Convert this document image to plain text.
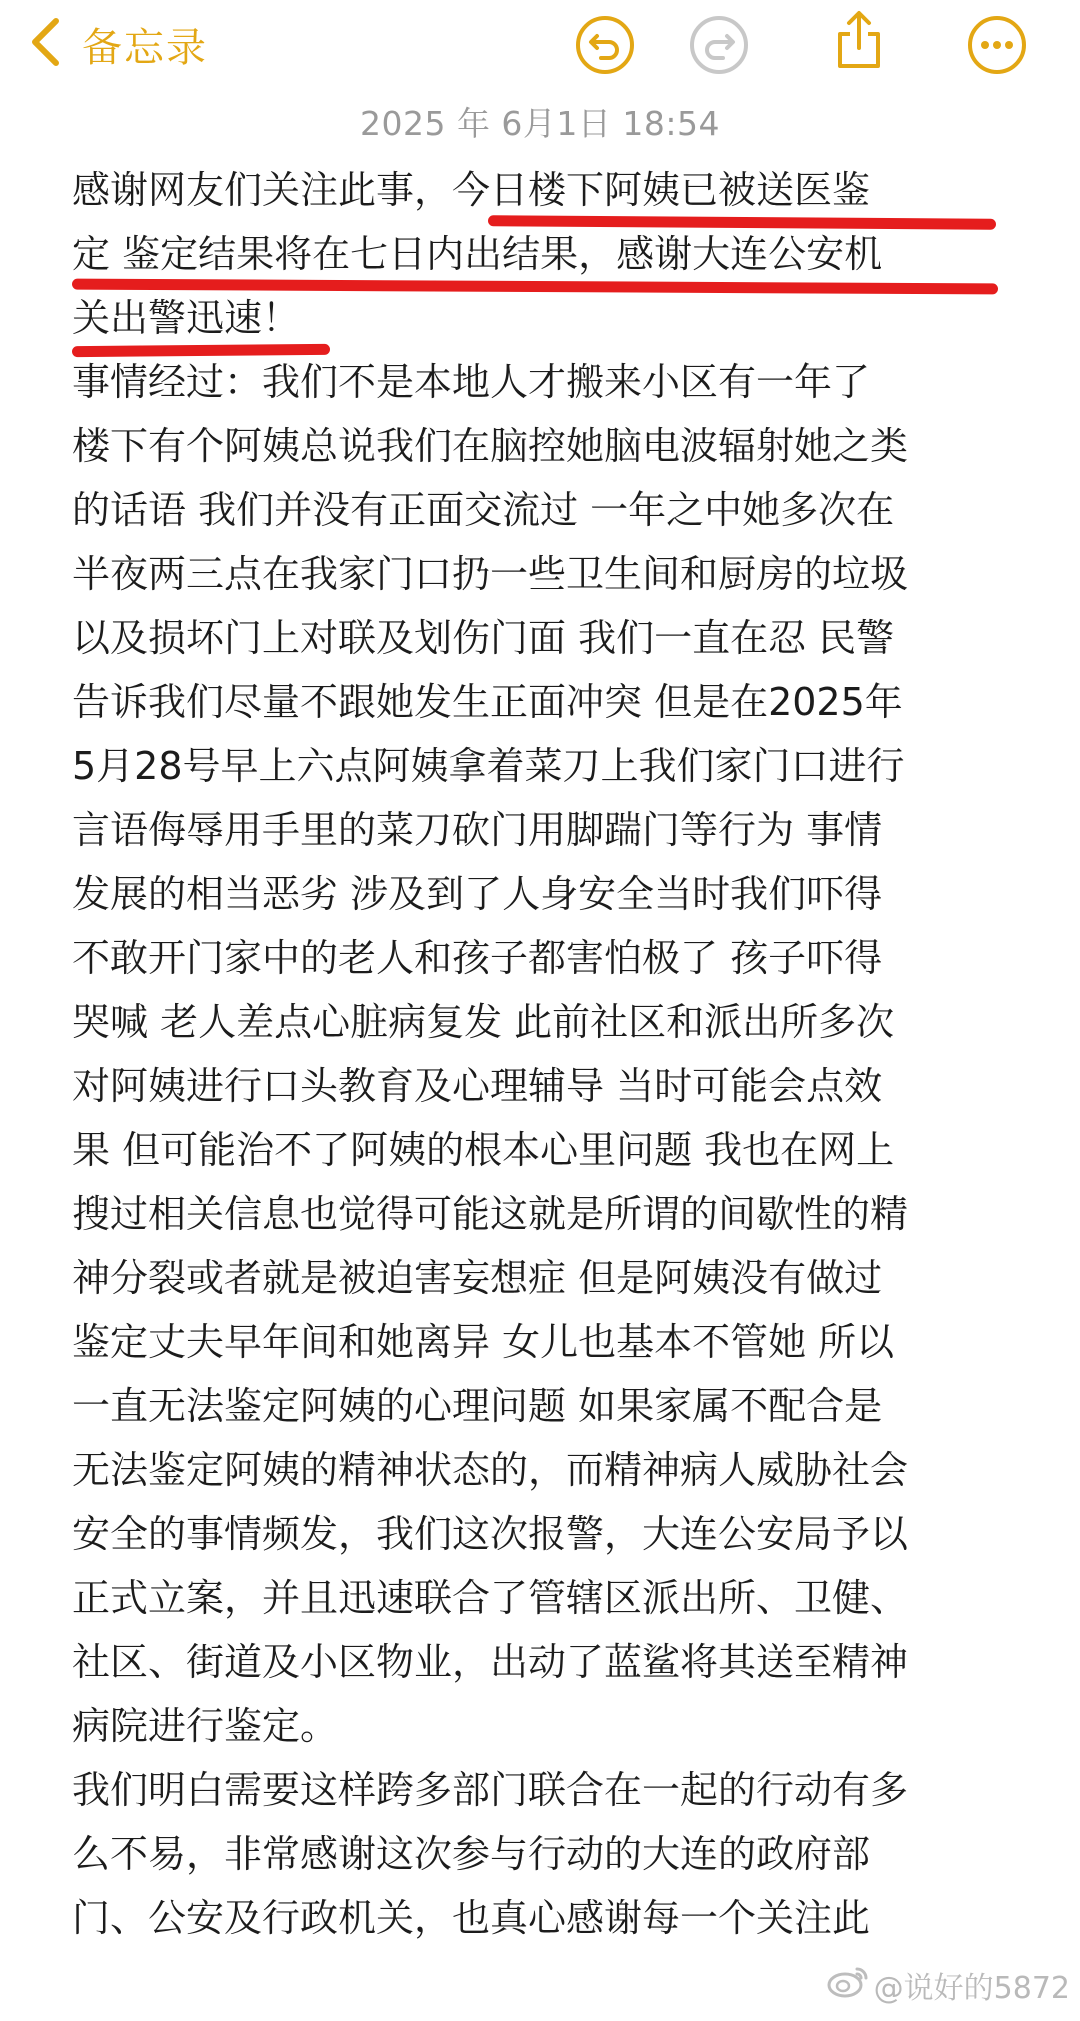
备忘录
2025 年 6月1日 18:54
感谢网友们关注此事，今日楼下阿姨已被送医鉴
定 鉴定结果将在七日内出结果，感谢大连公安机
关出警迅速！
事情经过：我们不是本地人才搬来小区有一年了
楼下有个阿姨总说我们在脑控她脑电波辐射她之类
的话语 我们并没有正面交流过 一年之中她多次在
半夜两三点在我家门口扔一些卫生间和厨房的垃圾
以及损坏门上对联及划伤门面 我们一直在忍 民警
告诉我们尽量不跟她发生正面冲突 但是在2025年
5月28号早上六点阿姨拿着菜刀上我们家门口进行
言语侮辱用手里的菜刀砍门用脚踹门等行为 事情
发展的相当恶劣 涉及到了人身安全当时我们吓得
不敢开门家中的老人和孩子都害怕极了 孩子吓得
哭喊 老人差点心脏病复发 此前社区和派出所多次
对阿姨进行口头教育及心理辅导 当时可能会点效
果 但可能治不了阿姨的根本心里问题 我也在网上
搜过相关信息也觉得可能这就是所谓的间歇性的精
神分裂或者就是被迫害妄想症 但是阿姨没有做过
鉴定丈夫早年间和她离异 女儿也基本不管她 所以
一直无法鉴定阿姨的心理问题 如果家属不配合是
无法鉴定阿姨的精神状态的，而精神病人威胁社会
安全的事情频发，我们这次报警，大连公安局予以
正式立案，并且迅速联合了管辖区派出所、卫健、
社区、街道及小区物业，出动了蓝鲨将其送至精神
病院进行鉴定。
我们明白需要这样跨多部门联合在一起的行动有多
么不易，非常感谢这次参与行动的大连的政府部
门、公安及行政机关，也真心感谢每一个关注此
@说好的5872
